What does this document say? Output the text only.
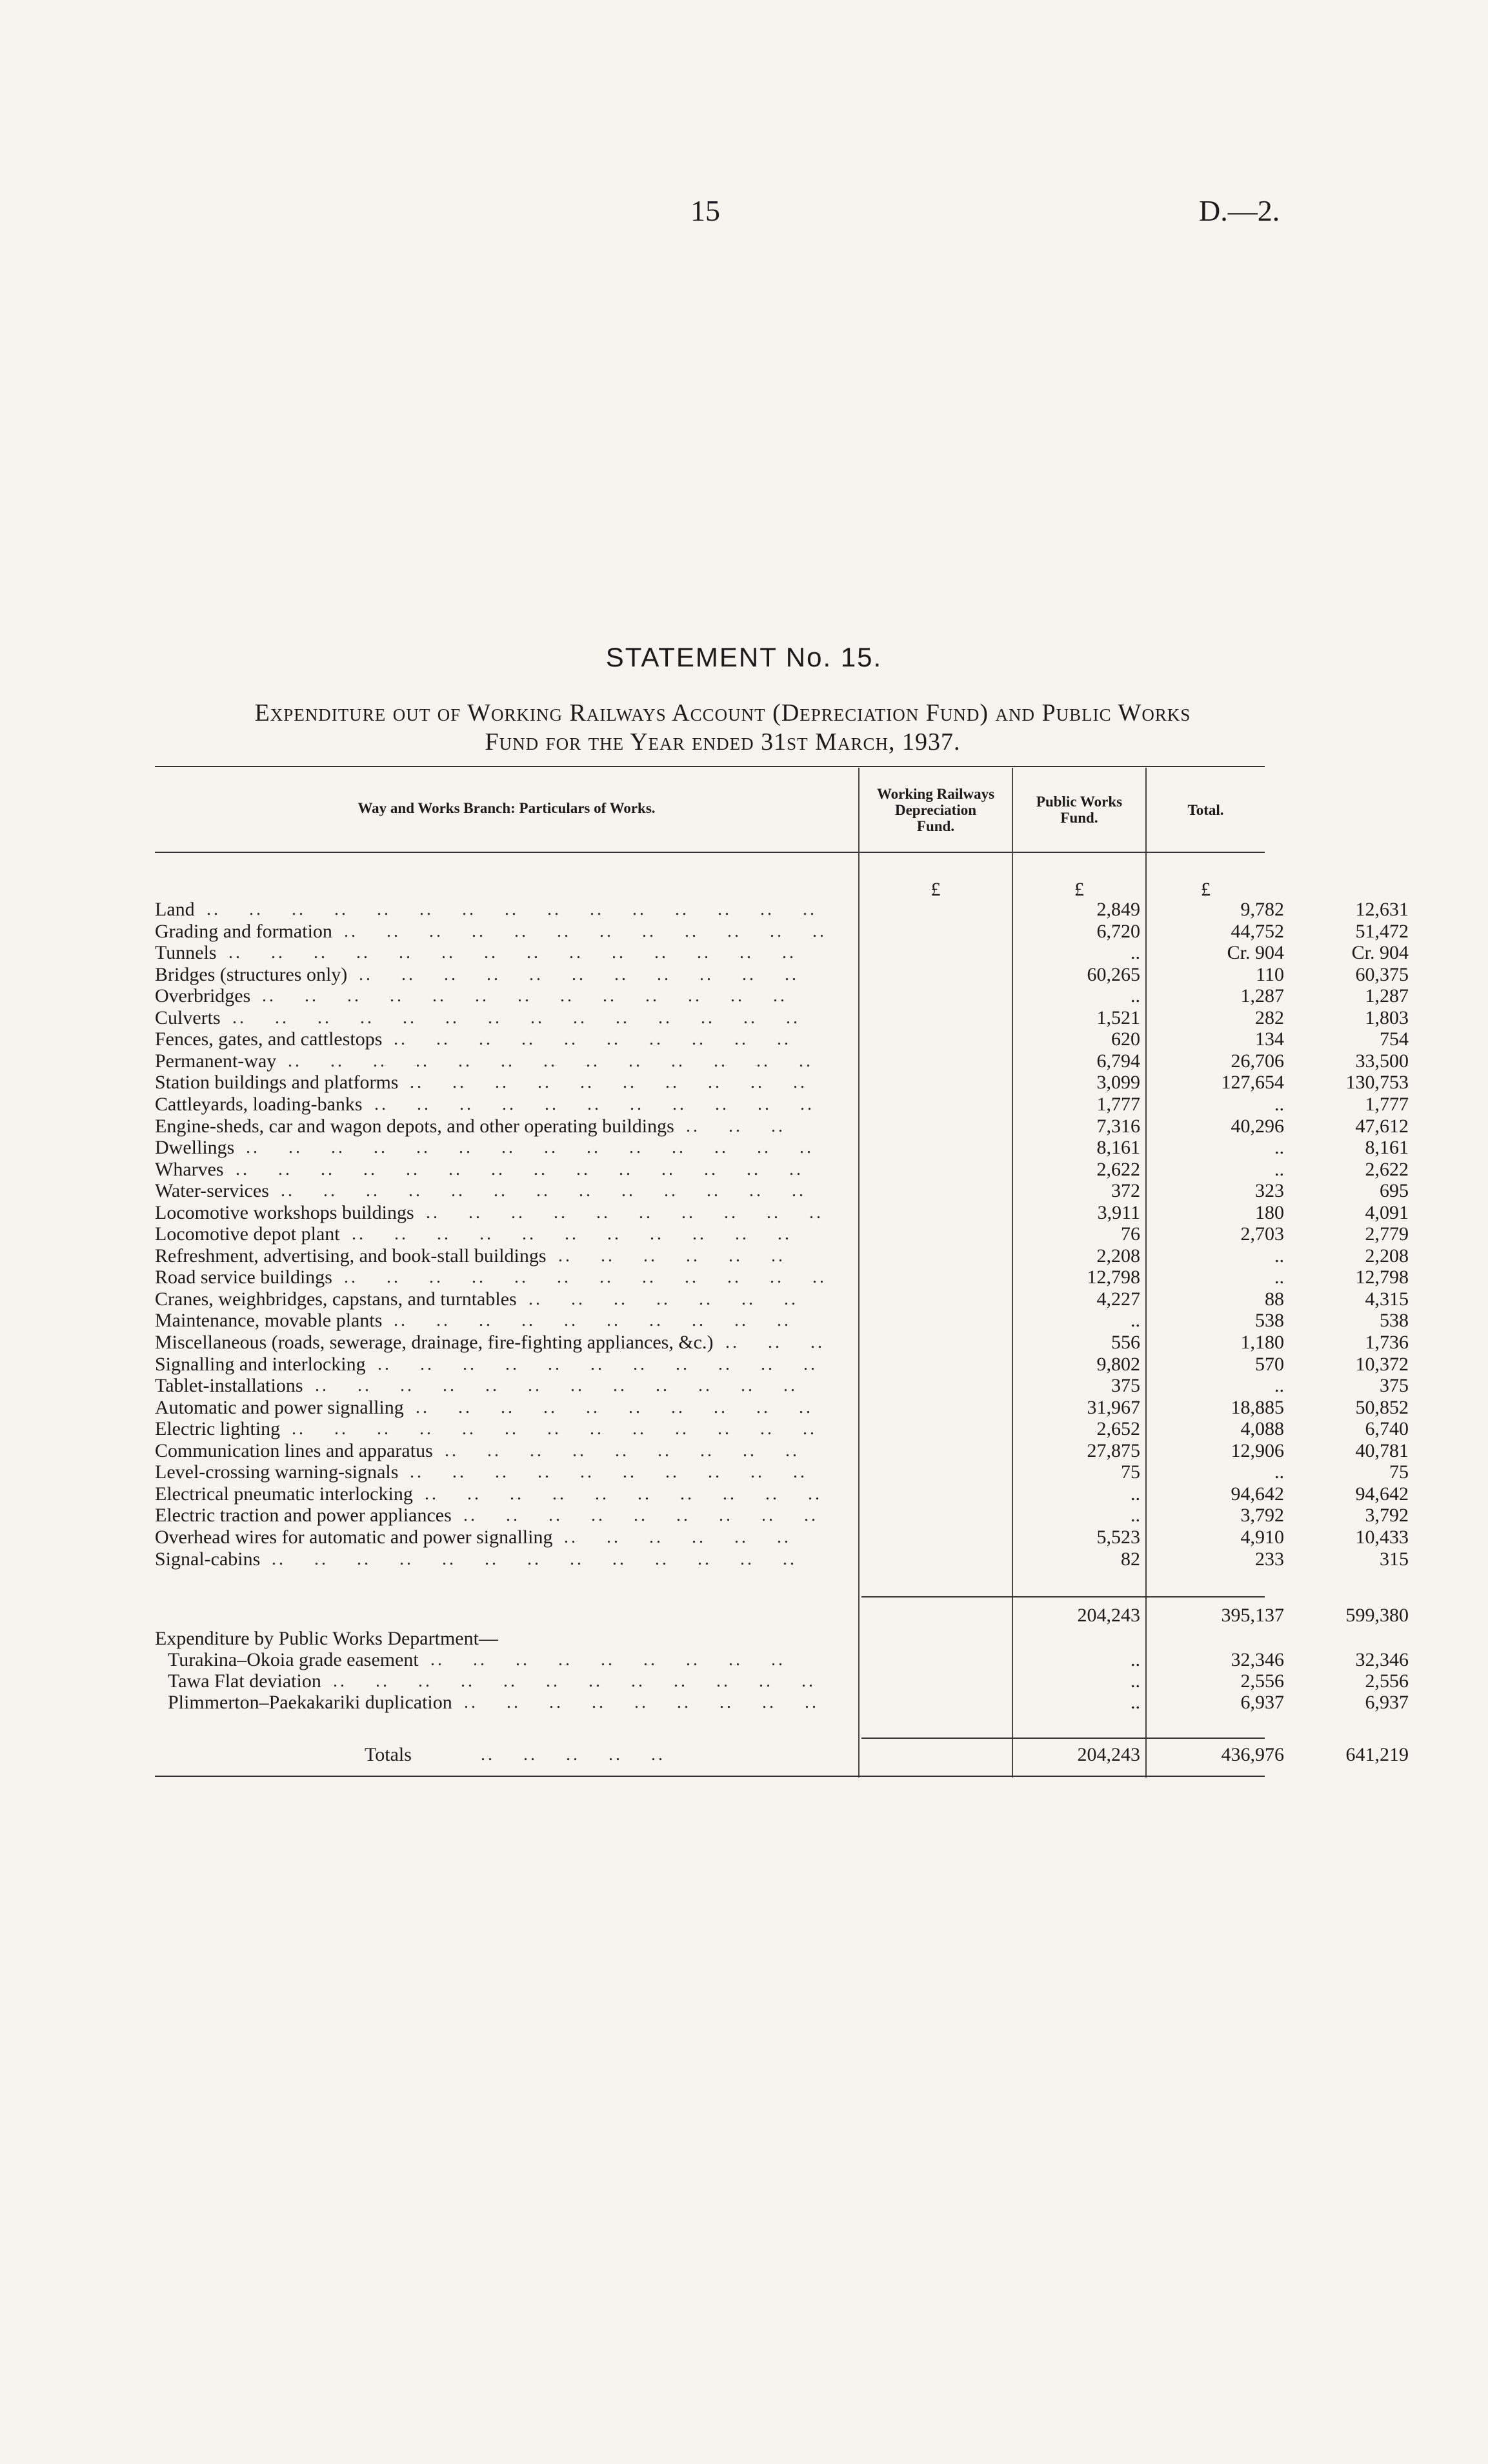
15	D.—2.
STATEMENT No. 15.
Expenditure out of Working Railways Account (Depreciation Fund) and Public Works
Fund for the Year ended 31st March, 1937.
Way and Works Branch: Particulars of Works.
Working Railways
Depreciation
Fund.
Public Works
Fund.	Total.
£	£	£
Land ..    ..    ..    ..    ..    ..    ..    ..    ..    ..    ..    ..    ..    ..    ..	2,849	9,782	12,631
Grading and formation ..    ..    ..    ..    ..    ..    ..    ..    ..    ..    ..    ..	6,720	44,752	51,472
Tunnels ..    ..    ..    ..    ..    ..    ..    ..    ..    ..    ..    ..    ..    ..	..	Cr. 904	Cr. 904
Bridges (structures only) ..    ..    ..    ..    ..    ..    ..    ..    ..    ..    ..	60,265	110	60,375
Overbridges ..    ..    ..    ..    ..    ..    ..    ..    ..    ..    ..    ..    ..	..	1,287	1,287
Culverts ..    ..    ..    ..    ..    ..    ..    ..    ..    ..    ..    ..    ..    ..	1,521	282	1,803
Fences, gates, and cattlestops ..    ..    ..    ..    ..    ..    ..    ..    ..    ..	620	134	754
Permanent-way ..    ..    ..    ..    ..    ..    ..    ..    ..    ..    ..    ..    ..	6,794	26,706	33,500
Station buildings and platforms ..    ..    ..    ..    ..    ..    ..    ..    ..    ..	3,099	127,654	130,753
Cattleyards, loading-banks ..    ..    ..    ..    ..    ..    ..    ..    ..    ..    ..	1,777	..	1,777
Engine-sheds, car and wagon depots, and other operating buildings ..    ..    ..	7,316	40,296	47,612
Dwellings ..    ..    ..    ..    ..    ..    ..    ..    ..    ..    ..    ..    ..    ..	8,161	..	8,161
Wharves ..    ..    ..    ..    ..    ..    ..    ..    ..    ..    ..    ..    ..    ..	2,622	..	2,622
Water-services ..    ..    ..    ..    ..    ..    ..    ..    ..    ..    ..    ..    ..	372	323	695
Locomotive workshops buildings ..    ..    ..    ..    ..    ..    ..    ..    ..    ..	3,911	180	4,091
Locomotive depot plant ..    ..    ..    ..    ..    ..    ..    ..    ..    ..    ..	76	2,703	2,779
Refreshment, advertising, and book-stall buildings ..    ..    ..    ..    ..    ..	2,208	..	2,208
Road service buildings ..    ..    ..    ..    ..    ..    ..    ..    ..    ..    ..    ..	12,798	..	12,798
Cranes, weighbridges, capstans, and turntables ..    ..    ..    ..    ..    ..    ..	4,227	88	4,315
Maintenance, movable plants ..    ..    ..    ..    ..    ..    ..    ..    ..    ..	..	538	538
Miscellaneous (roads, sewerage, drainage, fire-fighting appliances, &c.) ..    ..    ..	556	1,180	1,736
Signalling and interlocking ..    ..    ..    ..    ..    ..    ..    ..    ..    ..    ..	9,802	570	10,372
Tablet-installations ..    ..    ..    ..    ..    ..    ..    ..    ..    ..    ..    ..	375	..	375
Automatic and power signalling ..    ..    ..    ..    ..    ..    ..    ..    ..    ..	31,967	18,885	50,852
Electric lighting ..    ..    ..    ..    ..    ..    ..    ..    ..    ..    ..    ..    ..	2,652	4,088	6,740
Communication lines and apparatus ..    ..    ..    ..    ..    ..    ..    ..    ..	27,875	12,906	40,781
Level-crossing warning-signals ..    ..    ..    ..    ..    ..    ..    ..    ..    ..	75	..	75
Electrical pneumatic interlocking ..    ..    ..    ..    ..    ..    ..    ..    ..    ..	..	94,642	94,642
Electric traction and power appliances ..    ..    ..    ..    ..    ..    ..    ..    ..	..	3,792	3,792
Overhead wires for automatic and power signalling ..    ..    ..    ..    ..    ..	5,523	4,910	10,433
Signal-cabins ..    ..    ..    ..    ..    ..    ..    ..    ..    ..    ..    ..    ..	82	233	315
204,243	395,137	599,380
Expenditure by Public Works Department—
Turakina–Okoia grade easement ..    ..    ..    ..    ..    ..    ..    ..    ..	..	32,346	32,346
Tawa Flat deviation ..    ..    ..    ..    ..    ..    ..    ..    ..    ..    ..    ..	..	2,556	2,556
Plimmerton–Paekakariki duplication ..    ..    ..    ..    ..    ..    ..    ..    ..	..	6,937	6,937
Totals	..    ..    ..    ..    ..	204,243	436,976	641,219
